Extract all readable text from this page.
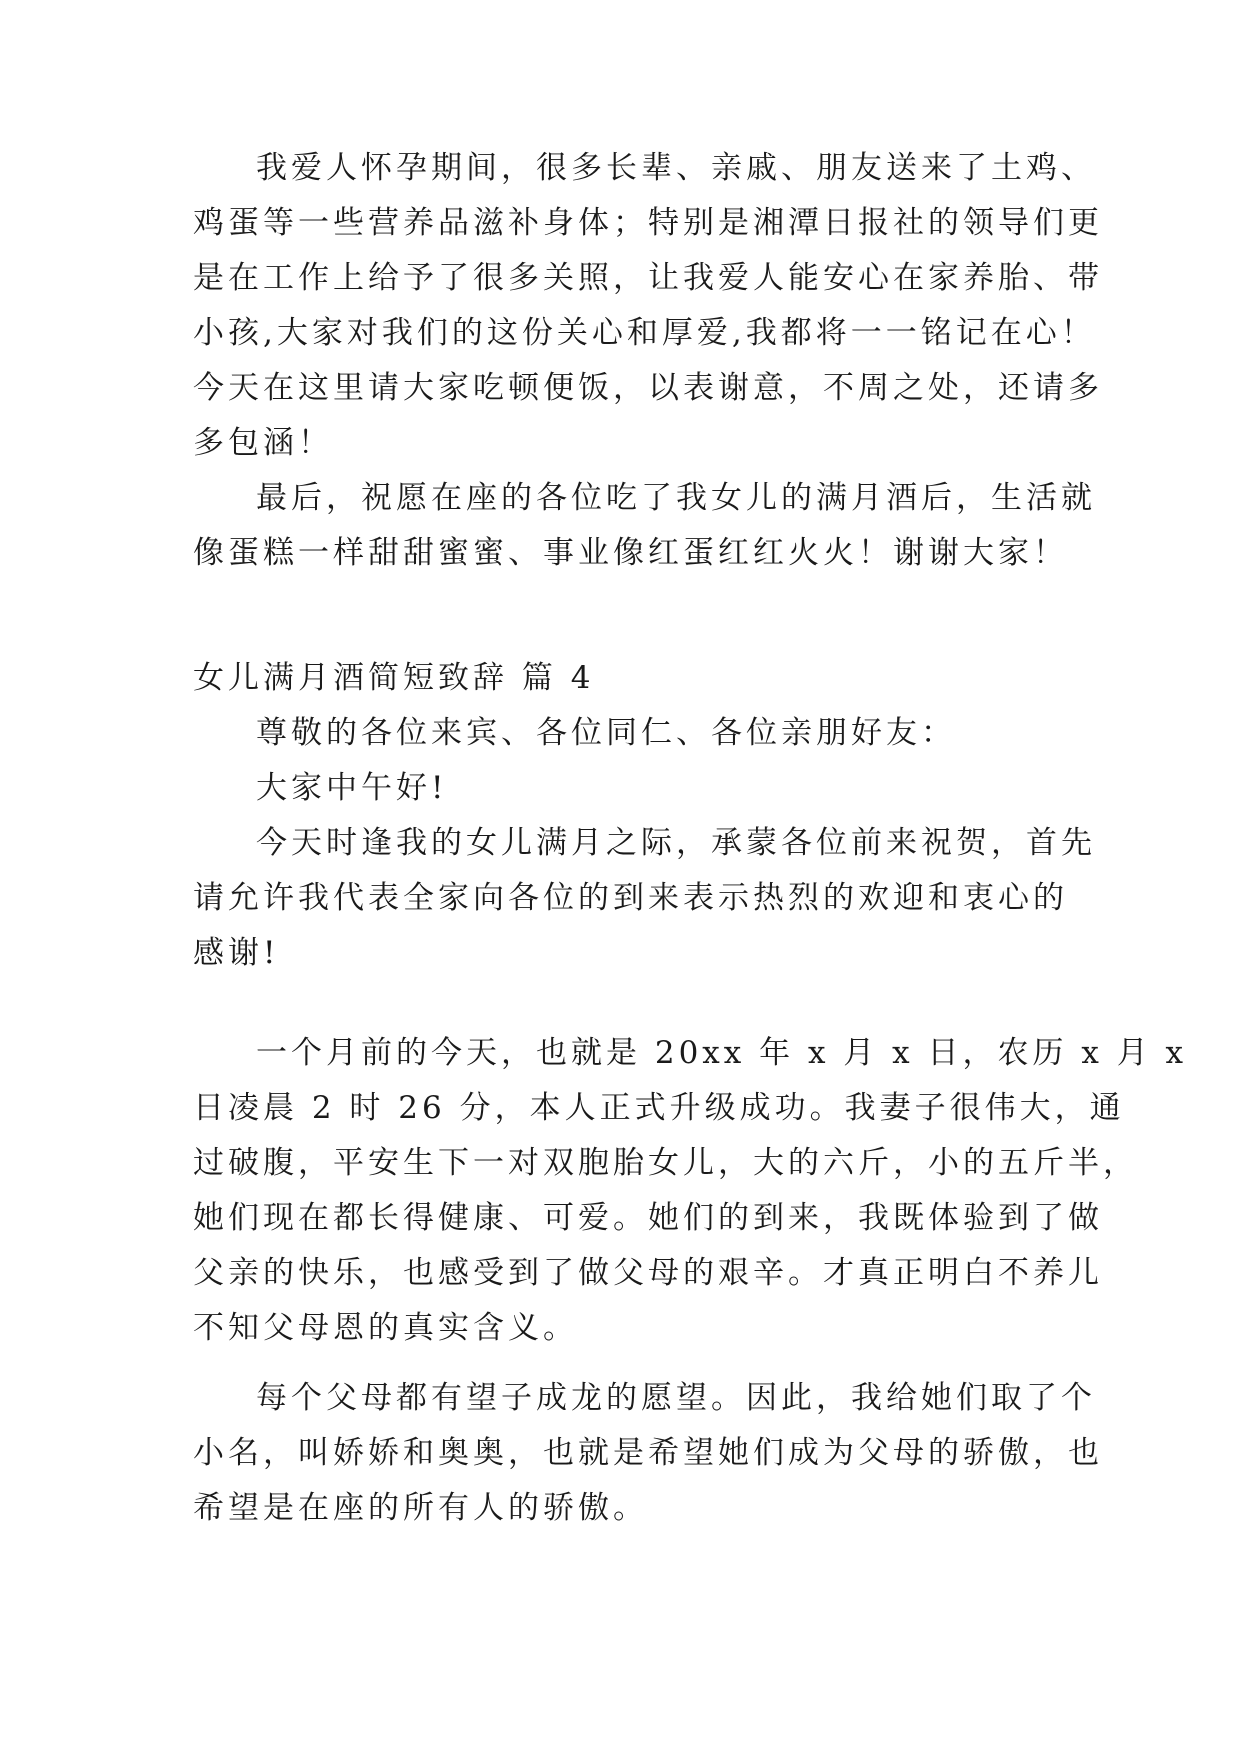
我爱人怀孕期间，很多长辈、亲戚、朋友送来了土鸡、
鸡蛋等一些营养品滋补身体；特别是湘潭日报社的领导们更
是在工作上给予了很多关照，让我爱人能安心在家养胎、带
小孩,大家对我们的这份关心和厚爱,我都将一一铭记在心！
今天在这里请大家吃顿便饭，以表谢意，不周之处，还请多
多包涵！
最后，祝愿在座的各位吃了我女儿的满月酒后，生活就
像蛋糕一样甜甜蜜蜜、事业像红蛋红红火火！谢谢大家！
女儿满月酒简短致辞 篇 4
尊敬的各位来宾、各位同仁、各位亲朋好友：
大家中午好!
今天时逢我的女儿满月之际，承蒙各位前来祝贺，首先
请允许我代表全家向各位的到来表示热烈的欢迎和衷心的
感谢!
一个月前的今天，也就是 20xx 年 x 月 x 日，农历 x 月 x
日凌晨 2 时 26 分，本人正式升级成功。我妻子很伟大，通
过破腹，平安生下一对双胞胎女儿，大的六斤，小的五斤半，
她们现在都长得健康、可爱。她们的到来，我既体验到了做
父亲的快乐，也感受到了做父母的艰辛。才真正明白不养儿
不知父母恩的真实含义。
每个父母都有望子成龙的愿望。因此，我给她们取了个
小名，叫娇娇和奥奥，也就是希望她们成为父母的骄傲，也
希望是在座的所有人的骄傲。
